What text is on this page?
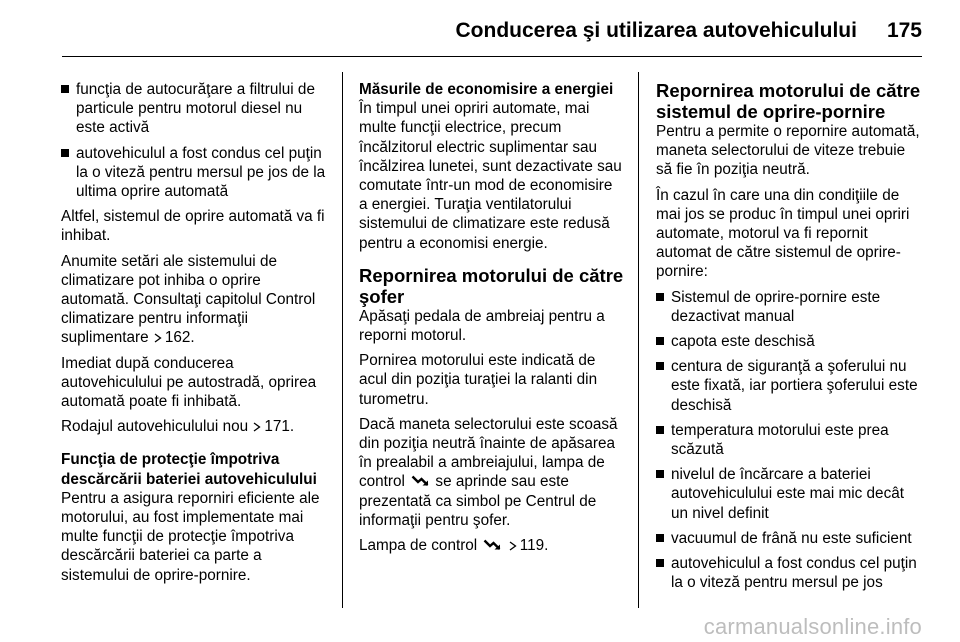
Conducerea şi utilizarea autovehiculului 175
funcţia de autocurăţare a filtrului de particule pentru motorul diesel nu este activă
autovehiculul a fost condus cel puţin la o viteză pentru mersul pe jos de la ultima oprire automată

Altfel, sistemul de oprire automată va fi inhibat.

Anumite setări ale sistemului de climatizare pot inhiba o oprire automată. Consultaţi capitolul Control climatizare pentru informaţii suplimentare 162.

Imediat după conducerea autovehiculului pe autostradă, oprirea automată poate fi inhibată.

Rodajul autovehiculului nou 171.

Funcţia de protecţie împotriva descărcării bateriei autovehiculului

Pentru a asigura reporniri eficiente ale motorului, au fost implementate mai multe funcţii de protecţie împotriva descărcării bateriei ca parte a sistemului de oprire-pornire.

Măsurile de economisire a energiei

În timpul unei opriri automate, mai multe funcţii electrice, precum încălzitorul electric suplimentar sau încălzirea lunetei, sunt dezactivate sau comutate într-un mod de economisire a energiei. Turaţia ventilatorului sistemului de climatizare este redusă pentru a economisi energie.

Repornirea motorului de către şofer

Apăsaţi pedala de ambreiaj pentru a reporni motorul.

Pornirea motorului este indicată de acul din poziţia turaţiei la ralanti din turometru.

Dacă maneta selectorului este scoasă din poziţia neutră înainte de apăsarea în prealabil a ambreiajului, lampa de control se aprinde sau este prezentată ca simbol pe Centrul de informaţii pentru şofer.

Lampa de control	119.

Repornirea motorului de către sistemul de oprire-pornire

Pentru a permite o repornire automată, maneta selectorului de viteze trebuie să fie în poziţia neutră.

În cazul în care una din condiţiile de mai jos se produc în timpul unei opriri automate, motorul va fi repornit automat de către sistemul de oprire-pornire:

Sistemul de oprire-pornire este dezactivat manual
capota este deschisă
centura de siguranţă a şoferului nu este fixată, iar portiera şoferului este deschisă
temperatura motorului este prea scăzută
nivelul de încărcare a bateriei autovehiculului este mai mic decât un nivel definit
vacuumul de frână nu este suficient
autovehiculul a fost condus cel puţin la o viteză pentru mersul pe jos
carmanualsonline.info
